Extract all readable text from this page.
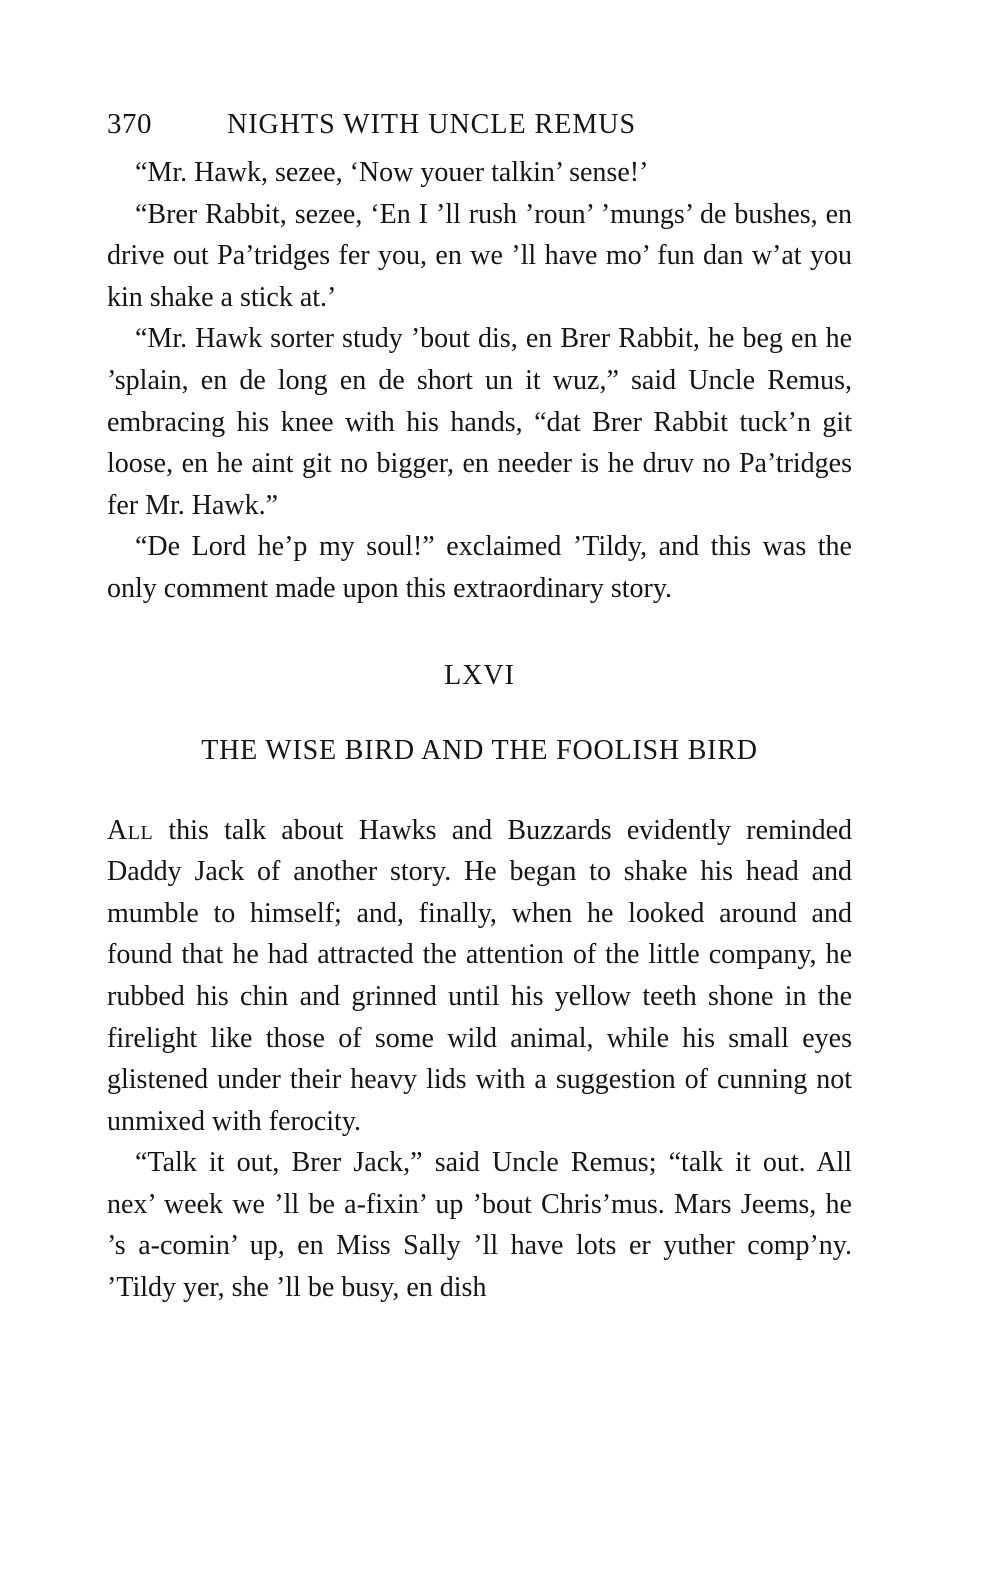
370	NIGHTS WITH UNCLE REMUS

“Mr. Hawk, sezee, ‘Now youer talkin’ sense!’

“Brer Rabbit, sezee, ‘En I ’ll rush ’roun’ ’mungs’ de bushes, en drive out Pa’tridges fer you, en we ’ll have mo’ fun dan w’at you kin shake a stick at.’

“Mr. Hawk sorter study ’bout dis, en Brer Rabbit, he beg en he ’splain, en de long en de short un it wuz,” said Uncle Remus, embracing his knee with his hands, “dat Brer Rabbit tuck’n git loose, en he aint git no bigger, en needer is he druv no Pa’tridges fer Mr. Hawk.”

“De Lord he’p my soul!” exclaimed ’Tildy, and this was the only comment made upon this extraordinary story.

LXVI
THE WISE BIRD AND THE FOOLISH BIRD

All this talk about Hawks and Buzzards evidently reminded Daddy Jack of another story. He began to shake his head and mumble to himself; and, finally, when he looked around and found that he had attracted the attention of the little company, he rubbed his chin and grinned until his yellow teeth shone in the firelight like those of some wild animal, while his small eyes glistened under their heavy lids with a suggestion of cunning not unmixed with ferocity.

“Talk it out, Brer Jack,” said Uncle Remus; “talk it out. All nex’ week we ’ll be a-fixin’ up ’bout Chris’mus. Mars Jeems, he ’s a-comin’ up, en Miss Sally ’ll have lots er yuther comp’ny. ’Tildy yer, she ’ll be busy, en dish
